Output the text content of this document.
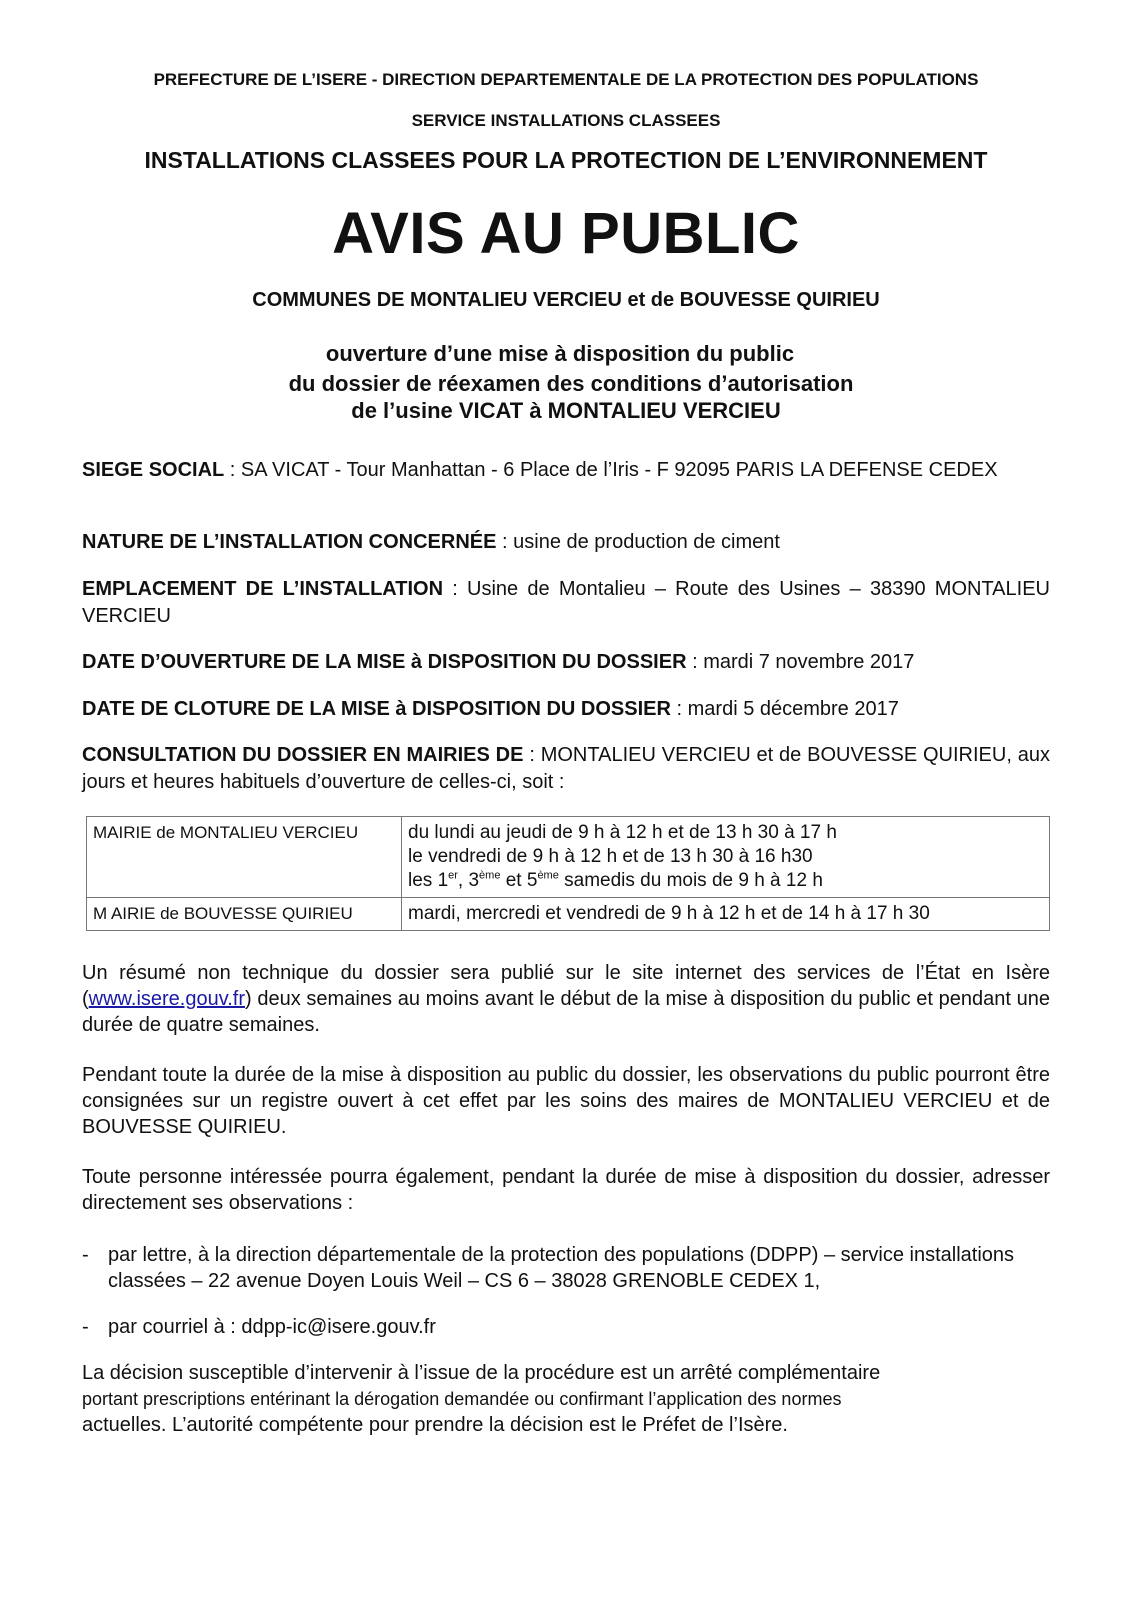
PREFECTURE DE L’ISERE - DIRECTION DEPARTEMENTALE DE LA PROTECTION DES POPULATIONS
SERVICE INSTALLATIONS CLASSEES
INSTALLATIONS CLASSEES POUR LA PROTECTION DE L’ENVIRONNEMENT
AVIS AU PUBLIC
COMMUNES DE MONTALIEU VERCIEU et de BOUVESSE QUIRIEU
ouverture d’une mise à disposition du public
du dossier de réexamen des conditions d’autorisation
de l’usine VICAT à MONTALIEU VERCIEU
SIEGE SOCIAL : SA VICAT - Tour Manhattan - 6 Place de l’Iris - F 92095 PARIS LA DEFENSE CEDEX
NATURE DE L’INSTALLATION CONCERNÉE : usine de production de ciment
EMPLACEMENT DE L’INSTALLATION : Usine de Montalieu – Route des Usines – 38390 MONTALIEU VERCIEU
DATE D’OUVERTURE DE LA MISE à DISPOSITION DU DOSSIER : mardi 7 novembre 2017
DATE DE CLOTURE DE LA MISE à DISPOSITION DU DOSSIER : mardi 5 décembre 2017
CONSULTATION DU DOSSIER EN MAIRIES DE : MONTALIEU VERCIEU et de BOUVESSE QUIRIEU, aux jours et heures habituels d’ouverture de celles-ci, soit :
MAIRIE de MONTALIEU VERCIEU	du lundi au jeudi de 9 h à 12 h et de 13 h 30 à 17 h
le vendredi de 9 h à 12 h et de 13 h 30 à 16 h30
les 1er, 3ème et 5ème samedis du mois de 9 h à 12 h

M AIRIE de BOUVESSE QUIRIEU	mardi, mercredi et vendredi de 9 h à 12 h et de 14 h à 17 h 30
Un résumé non technique du dossier sera publié sur le site internet des services de l’État en Isère (www.isere.gouv.fr) deux semaines au moins avant le début de la mise à disposition du public et pendant une durée de quatre semaines.
Pendant toute la durée de la mise à disposition au public du dossier, les observations du public pourront être consignées sur un registre ouvert à cet effet par les soins des maires de MONTALIEU VERCIEU et de BOUVESSE QUIRIEU.
Toute personne intéressée pourra également, pendant la durée de mise à disposition du dossier, adresser directement ses observations :
- par lettre, à la direction départementale de la protection des populations (DDPP) – service installations classées – 22 avenue Doyen Louis Weil – CS 6 – 38028 GRENOBLE CEDEX 1,
- par courriel à : ddpp-ic@isere.gouv.fr
La décision susceptible d’intervenir à l’issue de la procédure est un arrêté complémentaire
portant prescriptions entérinant la dérogation demandée ou confirmant l’application des normes
actuelles. L’autorité compétente pour prendre la décision est le Préfet de l’Isère.
